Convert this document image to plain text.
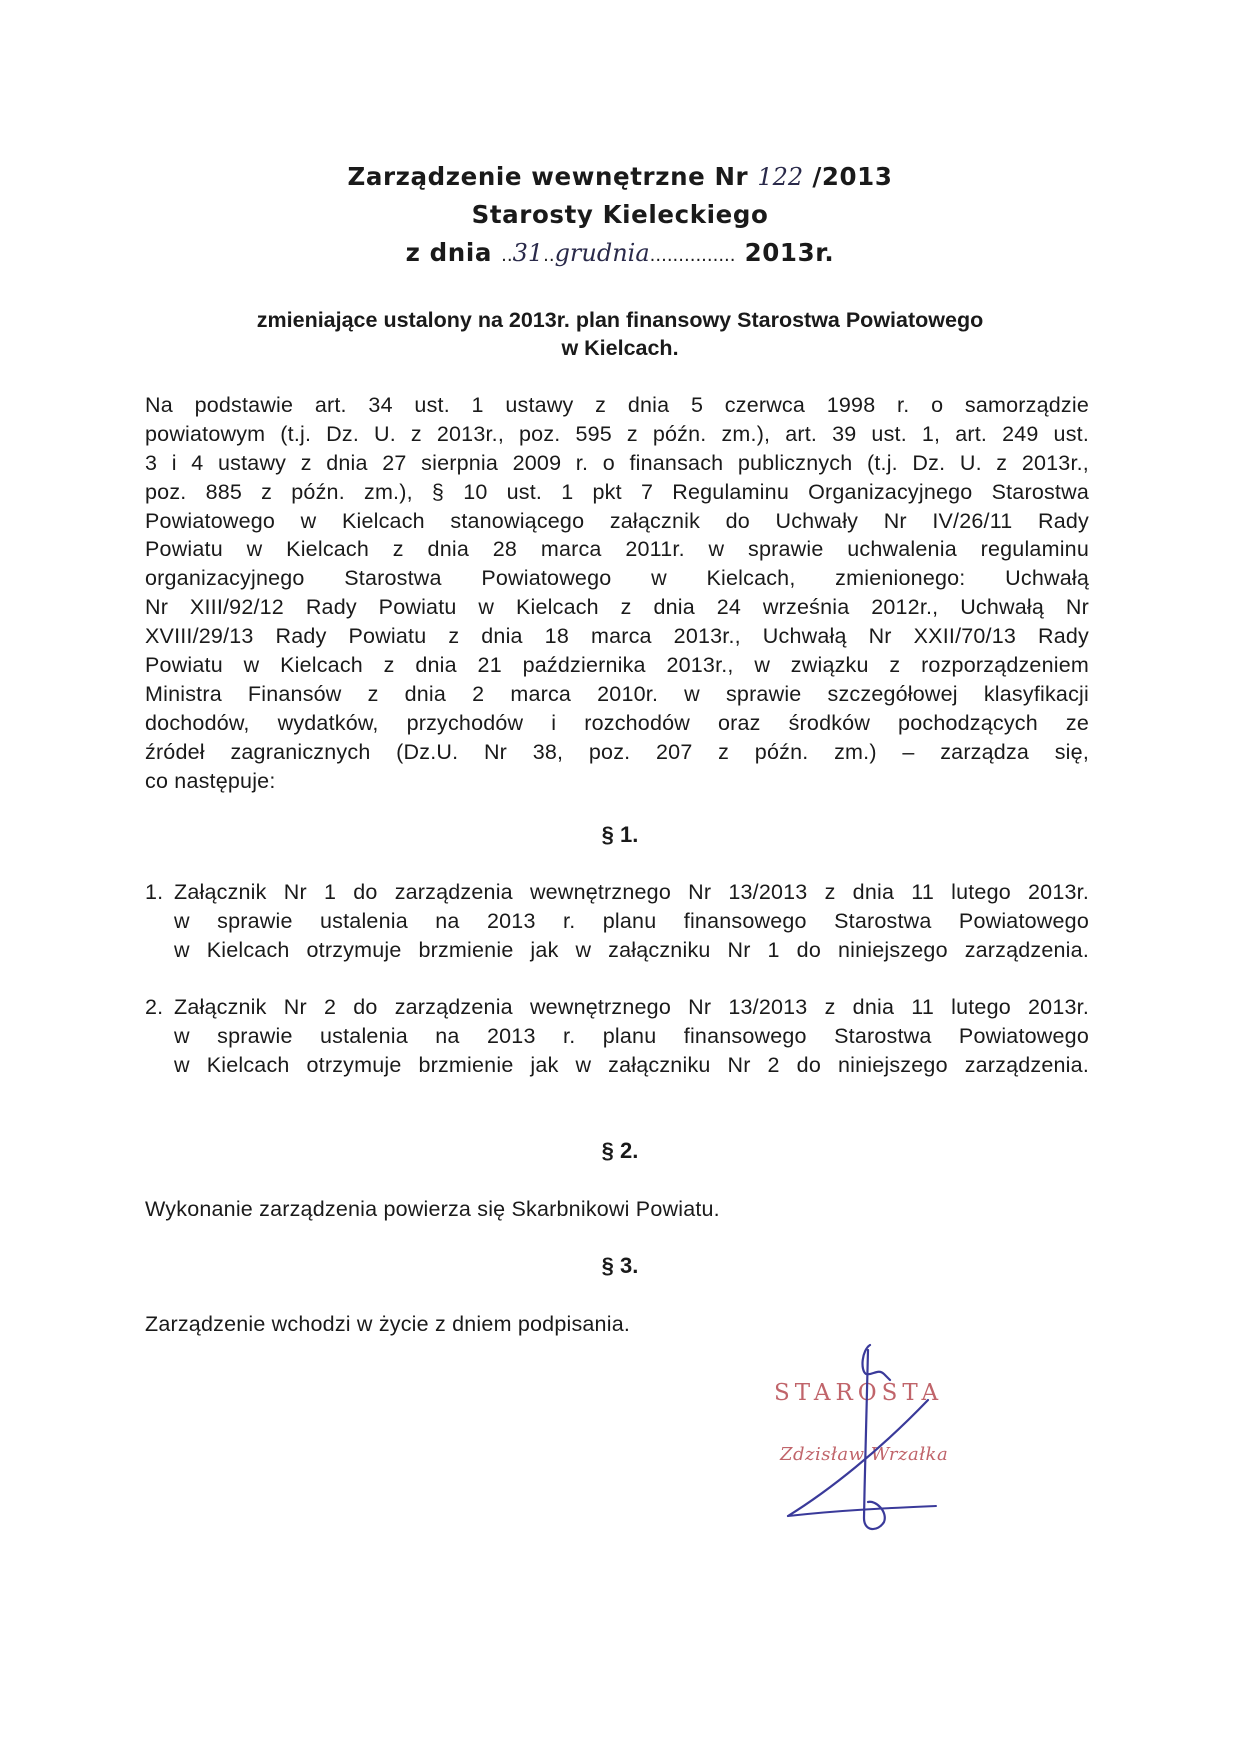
Zarządzenie wewnętrzne Nr 122 /2013
Starosty Kieleckiego
z dnia ..31..grudnia............... 2013r.
zmieniające ustalony na 2013r. plan finansowy Starostwa Powiatowego
w Kielcach.
Na podstawie art. 34 ust. 1 ustawy z dnia 5 czerwca 1998 r. o samorządzie
powiatowym (t.j. Dz. U. z 2013r., poz. 595 z późn. zm.), art. 39 ust. 1, art. 249 ust.
3 i 4 ustawy z dnia 27 sierpnia 2009 r. o finansach publicznych (t.j. Dz. U. z 2013r.,
poz. 885 z późn. zm.), § 10 ust. 1 pkt 7 Regulaminu Organizacyjnego Starostwa
Powiatowego w Kielcach stanowiącego załącznik do Uchwały Nr IV/26/11 Rady
Powiatu w Kielcach z dnia 28 marca 2011r. w sprawie uchwalenia regulaminu
organizacyjnego Starostwa Powiatowego w Kielcach, zmienionego: Uchwałą
Nr XIII/92/12 Rady Powiatu w Kielcach z dnia 24 września 2012r., Uchwałą Nr
XVIII/29/13 Rady Powiatu z dnia 18 marca 2013r., Uchwałą Nr XXII/70/13 Rady
Powiatu w Kielcach z dnia 21 października 2013r., w związku z rozporządzeniem
Ministra Finansów z dnia 2 marca 2010r. w sprawie szczegółowej klasyfikacji
dochodów, wydatków, przychodów i rozchodów oraz środków pochodzących ze
źródeł zagranicznych (Dz.U. Nr 38, poz. 207 z późn. zm.) – zarządza się,
co następuje:
§ 1.
1. Załącznik Nr 1 do zarządzenia wewnętrznego Nr 13/2013 z dnia 11 lutego 2013r.
w sprawie ustalenia na 2013 r. planu finansowego Starostwa Powiatowego
w Kielcach otrzymuje brzmienie jak w załączniku Nr 1 do niniejszego zarządzenia.
2. Załącznik Nr 2 do zarządzenia wewnętrznego Nr 13/2013 z dnia 11 lutego 2013r.
w sprawie ustalenia na 2013 r. planu finansowego Starostwa Powiatowego
w Kielcach otrzymuje brzmienie jak w załączniku Nr 2 do niniejszego zarządzenia.
§ 2.
Wykonanie zarządzenia powierza się Skarbnikowi Powiatu.
§ 3.
Zarządzenie wchodzi w życie z dniem podpisania.
STAROSTA
Zdzisław Wrzałka
